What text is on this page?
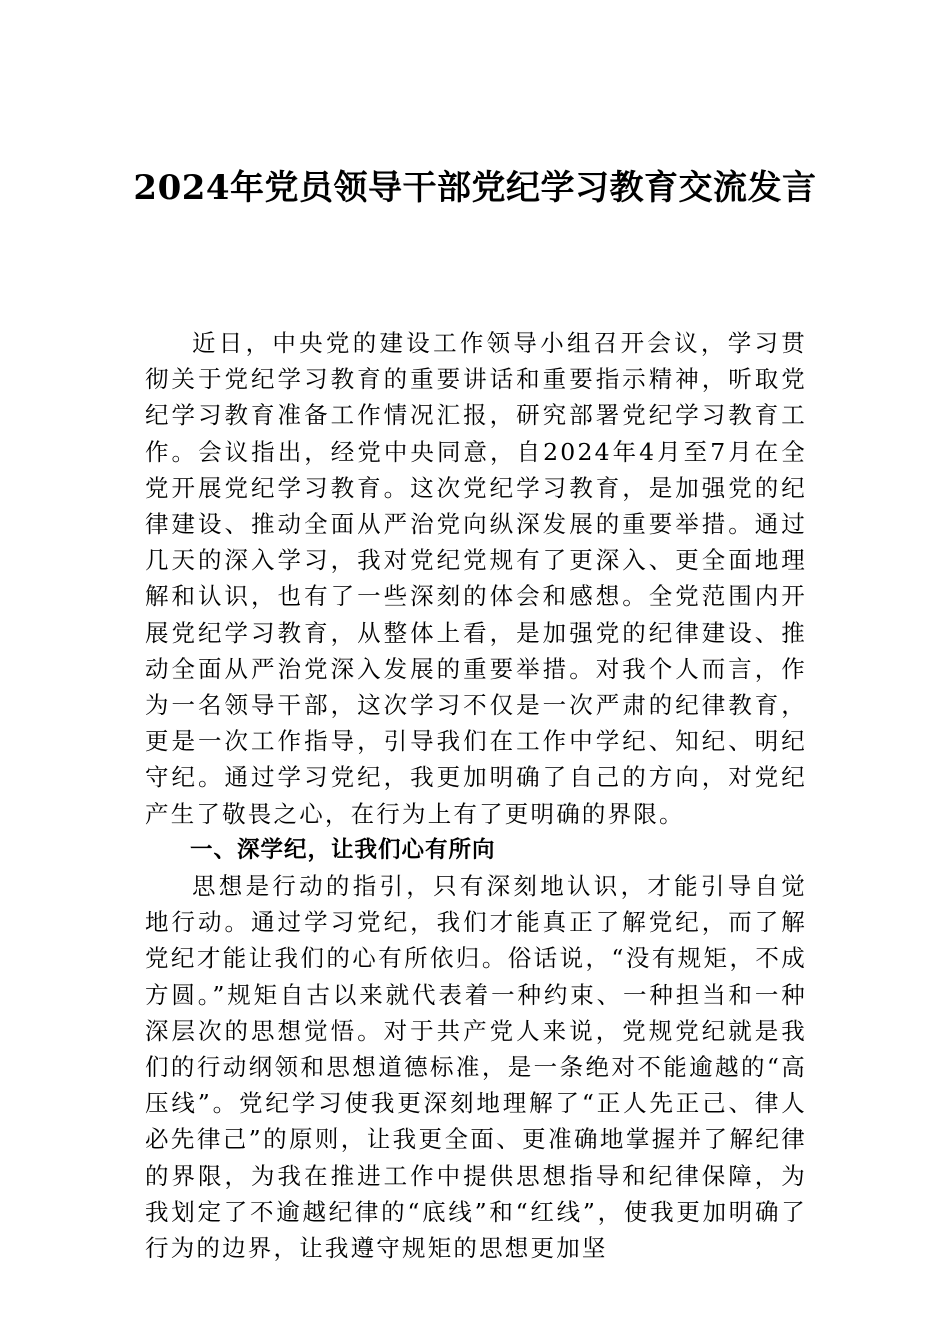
2024年党员领导干部党纪学习教育交流发言

近日，中央党的建设工作领导小组召开会议，学习贯彻关于党纪学习教育的重要讲话和重要指示精神，听取党纪学习教育准备工作情况汇报，研究部署党纪学习教育工作。会议指出，经党中央同意，自2024年4月至7月在全党开展党纪学习教育。这次党纪学习教育，是加强党的纪律建设、推动全面从严治党向纵深发展的重要举措。通过几天的深入学习，我对党纪党规有了更深入、更全面地理解和认识，也有了一些深刻的体会和感想。全党范围内开展党纪学习教育，从整体上看，是加强党的纪律建设、推动全面从严治党深入发展的重要举措。对我个人而言，作为一名领导干部，这次学习不仅是一次严肃的纪律教育，更是一次工作指导，引导我们在工作中学纪、知纪、明纪守纪。通过学习党纪，我更加明确了自己的方向，对党纪产生了敬畏之心，在行为上有了更明确的界限。

一、深学纪，让我们心有所向

思想是行动的指引，只有深刻地认识，才能引导自觉地行动。通过学习党纪，我们才能真正了解党纪，而了解党纪才能让我们的心有所依归。俗话说，“没有规矩，不成方圆。”规矩自古以来就代表着一种约束、一种担当和一种深层次的思想觉悟。对于共产党人来说，党规党纪就是我们的行动纲领和思想道德标准，是一条绝对不能逾越的“高压线”。党纪学习使我更深刻地理解了“正人先正己、律人必先律己”的原则，让我更全面、更准确地掌握并了解纪律的界限，为我在推进工作中提供思想指导和纪律保障，为我划定了不逾越纪律的“底线”和“红线”，使我更加明确了行为的边界，让我遵守规矩的思想更加坚
